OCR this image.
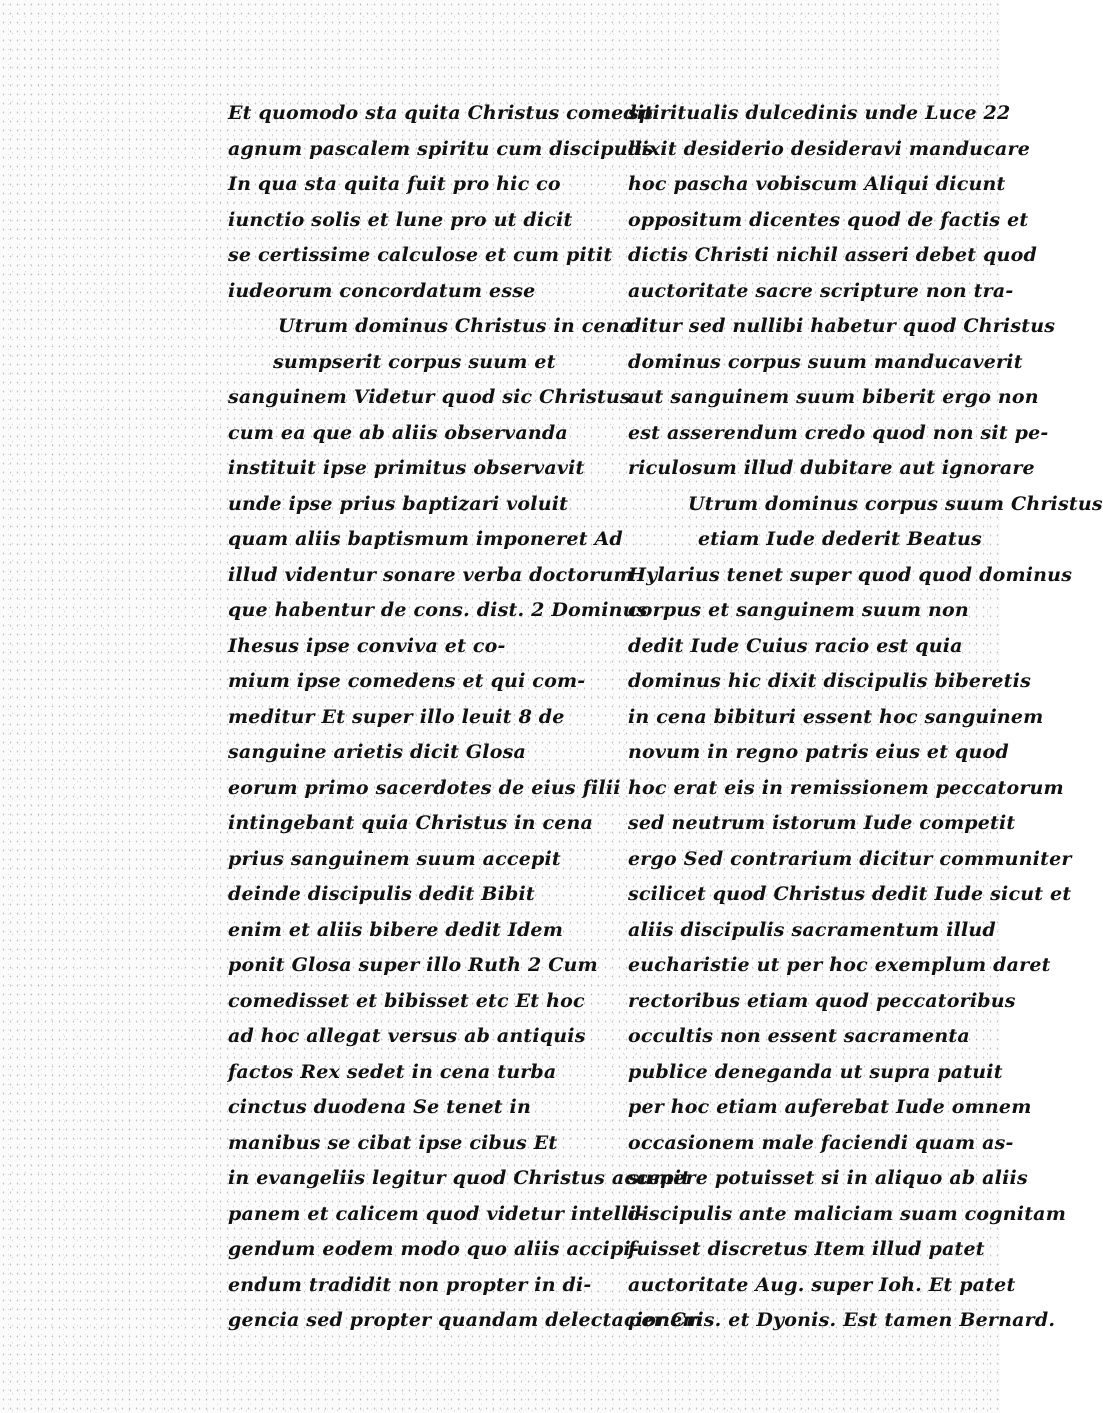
Et quomodo sta quita Christus comedit
agnum pascalem spiritu cum discipulis
In qua sta quita fuit pro hic co
iunctio solis et lune pro ut dicit
se certissime calculose et cum pitit
iudeorum concordatum esse
Utrum dominus Christus in cena
sumpserit corpus suum et
sanguinem Videtur quod sic Christus
cum ea que ab aliis observanda
instituit ipse primitus observavit
unde ipse prius baptizari voluit
quam aliis baptismum imponeret Ad
illud videntur sonare verba doctorum
que habentur de cons. dist. 2 Dominus
Ihesus ipse conviva et co-
mium ipse comedens et qui com-
meditur Et super illo leuit 8 de
sanguine arietis dicit Glosa
eorum primo sacerdotes de eius filii
intingebant quia Christus in cena
prius sanguinem suum accepit
deinde discipulis dedit Bibit
enim et aliis bibere dedit Idem
ponit Glosa super illo Ruth 2 Cum
comedisset et bibisset etc Et hoc
ad hoc allegat versus ab antiquis
factos Rex sedet in cena turba
cinctus duodena Se tenet in
manibus se cibat ipse cibus Et
in evangeliis legitur quod Christus accepit
panem et calicem quod videtur intelli-
gendum eodem modo quo aliis accipi-
endum tradidit non propter in di-
gencia sed propter quandam delectacionem
spiritualis dulcedinis unde Luce 22
dixit desiderio desideravi manducare
hoc pascha vobiscum Aliqui dicunt
oppositum dicentes quod de factis et
dictis Christi nichil asseri debet quod
auctoritate sacre scripture non tra-
ditur sed nullibi habetur quod Christus
dominus corpus suum manducaverit
aut sanguinem suum biberit ergo non
est asserendum credo quod non sit pe-
riculosum illud dubitare aut ignorare
Utrum dominus corpus suum Christus
etiam Iude dederit Beatus
Hylarius tenet super quod quod dominus
corpus et sanguinem suum non
dedit Iude Cuius racio est quia
dominus hic dixit discipulis biberetis
in cena bibituri essent hoc sanguinem
novum in regno patris eius et quod
hoc erat eis in remissionem peccatorum
sed neutrum istorum Iude competit
ergo Sed contrarium dicitur communiter
scilicet quod Christus dedit Iude sicut et
aliis discipulis sacramentum illud
eucharistie ut per hoc exemplum daret
rectoribus etiam quod peccatoribus
occultis non essent sacramenta
publice deneganda ut supra patuit
per hoc etiam auferebat Iude omnem
occasionem male faciendi quam as-
sumere potuisset si in aliquo ab aliis
discipulis ante maliciam suam cognitam
fuisset discretus Item illud patet
auctoritate Aug. super Ioh. Et patet
per Cris. et Dyonis. Est tamen Bernard.
